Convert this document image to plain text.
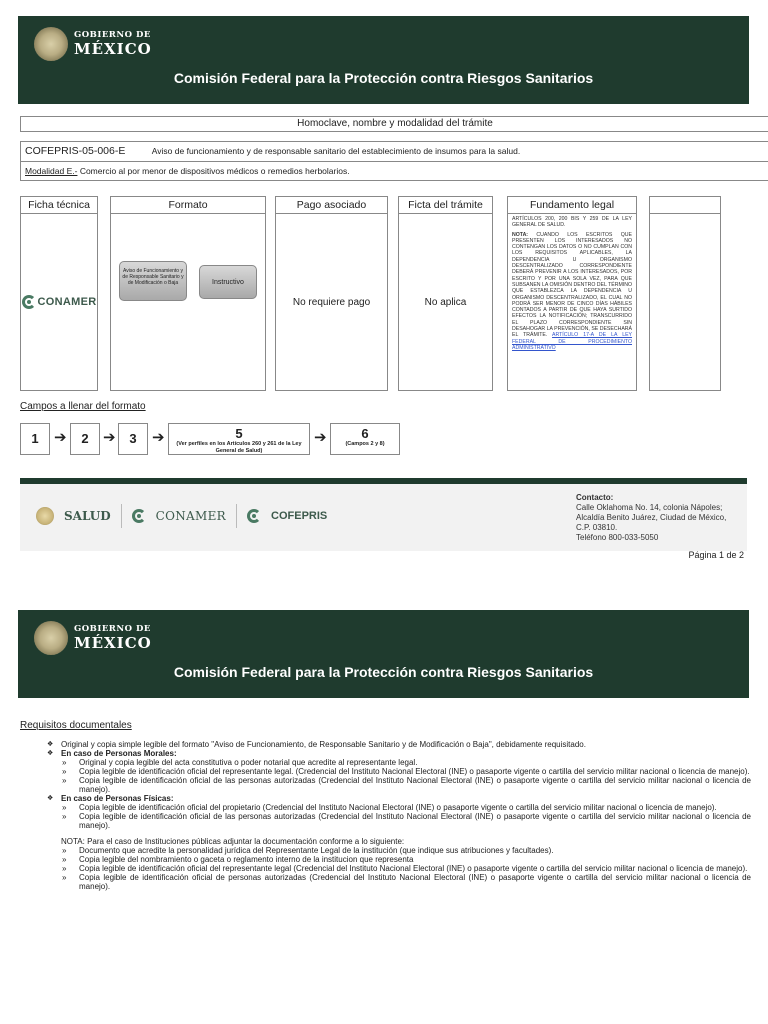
GOBIERNO DE
MÉXICO
Comisión Federal para la Protección contra Riesgos Sanitarios
Homoclave, nombre y modalidad del trámite
COFEPRIS-05-006-E	Aviso de funcionamiento y de responsable sanitario del establecimiento de insumos para la salud.
Modalidad E.- Comercio al por menor de dispositivos médicos o remedios herbolarios.
Ficha técnica
CONAMER
Formato
Aviso de Funcionamiento y de Responsable Sanitario y de Modificación o Baja	Instructivo
Pago asociado
No requiere pago
Ficta del trámite
No aplica
Fundamento legal

ARTÍCULOS 200, 200 BIS Y 259 DE LA LEY GENERAL DE SALUD.

NOTA: CUANDO LOS ESCRITOS QUE PRESENTEN LOS INTERESADOS NO CONTENGAN LOS DATOS O NO CUMPLAN CON LOS REQUISITOS APLICABLES, LA DEPENDENCIA U ORGANISMO DESCENTRALIZADO CORRESPONDIENTE DEBERÁ PREVENIR A LOS INTERESADOS, POR ESCRITO Y POR UNA SOLA VEZ, PARA QUE SUBSANEN LA OMISIÓN DENTRO DEL TÉRMINO QUE ESTABLEZCA LA DEPENDENCIA U ORGANISMO DESCENTRALIZADO, EL CUAL NO PODRÁ SER MENOR DE CINCO DÍAS HÁBILES CONTADOS A PARTIR DE QUE HAYA SURTIDO EFECTOS LA NOTIFICACIÓN; TRANSCURRIDO EL PLAZO CORRESPONDIENTE SIN DESAHOGAR LA PREVENCIÓN, SE DESECHARÁ EL TRÁMITE. ARTÍCULO 17-A DE LA LEY FEDERAL DE PROCEDIMIENTO ADMINISTRATIVO

Campos a llenar del formato
1	➔	2 ➔	3	➔	5
(Ver perfiles en los Artículos 260 y 261 de la Ley General de Salud)
➔	6
(Campos 2 y 8)
SALUD	CONAMER	COFEPRIS
Contacto:
Calle Oklahoma No. 14, colonia Nápoles;
Alcaldía Benito Juárez, Ciudad de México,
C.P. 03810.
Teléfono 800-033-5050
Página 1 de 2
GOBIERNO DE
MÉXICO
Comisión Federal para la Protección contra Riesgos Sanitarios
Requisitos documentales
❖ Original y copia simple legible del formato "Aviso de Funcionamiento, de Responsable Sanitario y de Modificación o Baja", debidamente requisitado.
❖ En caso de Personas Morales:
» Original y copia legible del acta constitutiva o poder notarial que acredite al representante legal.
» Copia legible de identificación oficial del representante legal. (Credencial del Instituto Nacional Electoral (INE) o pasaporte vigente o cartilla del servicio militar nacional o licencia de manejo).
» Copia legible de identificación oficial de las personas autorizadas (Credencial del Instituto Nacional Electoral (INE) o pasaporte vigente o cartilla del servicio militar nacional o licencia de manejo).
❖ En caso de Personas Físicas:
» Copia legible de identificación oficial del propietario (Credencial del Instituto Nacional Electoral (INE) o pasaporte vigente o cartilla del servicio militar nacional o licencia de manejo).
» Copia legible de identificación oficial de las personas autorizadas (Credencial del Instituto Nacional Electoral (INE) o pasaporte vigente o cartilla del servicio militar nacional o licencia de manejo).
NOTA: Para el caso de Instituciones públicas adjuntar la documentación conforme a lo siguiente:
» Documento que acredite la personalidad jurídica del Representante Legal de la institución (que indique sus atribuciones y facultades).
» Copia legible del nombramiento o gaceta o reglamento interno de la institucion que representa
» Copia legible de identificación oficial del representante legal (Credencial del Instituto Nacional Electoral (INE) o pasaporte vigente o cartilla del servicio militar nacional o licencia de manejo).
» Copia legible de identificación oficial de personas autorizadas (Credencial del Instituto Nacional Electoral (INE) o pasaporte vigente o cartilla del servicio militar nacional o licencia de manejo).
